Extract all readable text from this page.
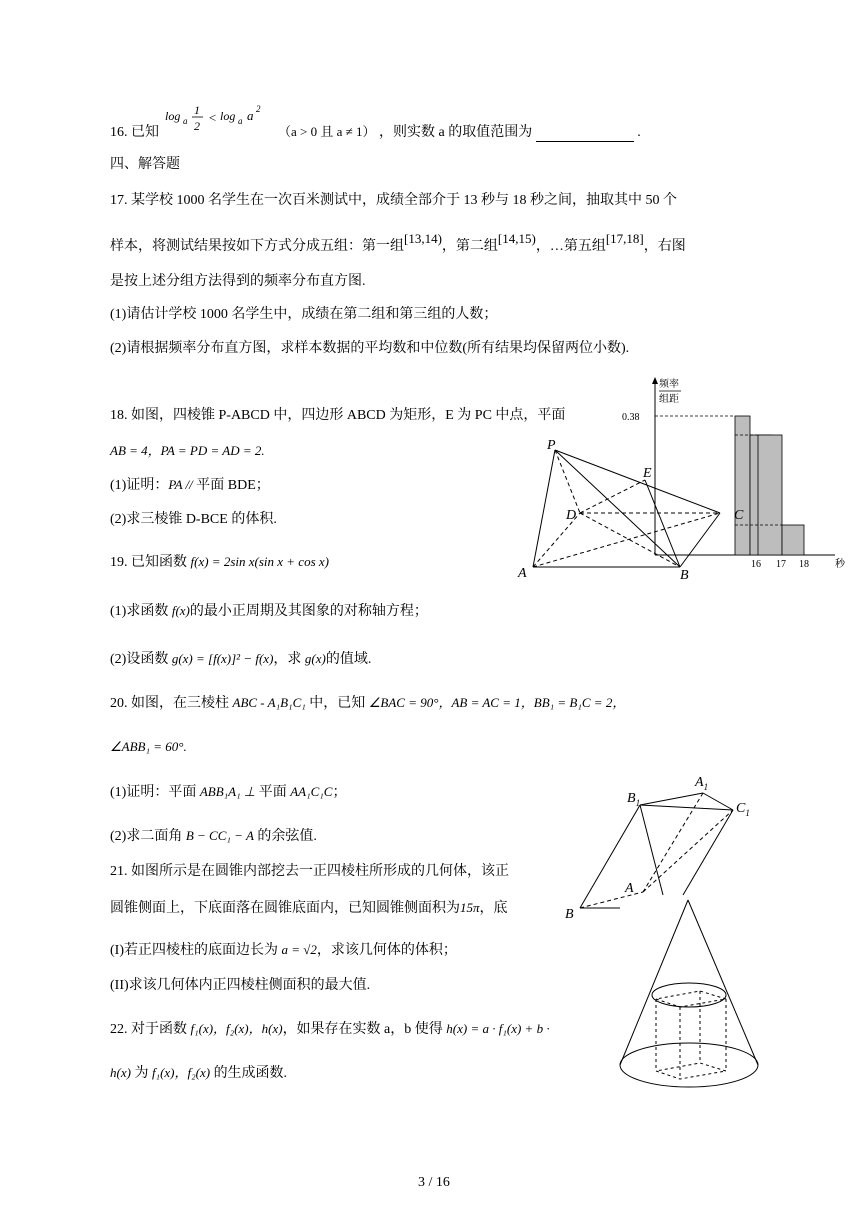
16. 已知
log a
1
2
< log a a 2
（a > 0 且 a ≠ 1） ，则实数 a 的取值范围为	.
四、解答题
17. 某学校 1000 名学生在一次百米测试中，成绩全部介于 13 秒与 18 秒之间，抽取其中 50 个
样本，将测试结果按如下方式分成五组：第一组[13,14)，第二组[14,15)，…第五组[17,18]，右图
是按上述分组方法得到的频率分布直方图.
(1)请估计学校 1000 名学生中，成绩在第二组和第三组的人数；
(2)请根据频率分布直方图，求样本数据的平均数和中位数(所有结果均保留两位小数).
18. 如图，四棱锥 P-ABCD 中，四边形 ABCD 为矩形，E 为 PC 中点，平面
AB = 4，PA = PD = AD = 2.
(1)证明：PA // 平面 BDE；
(2)求三棱锥 D-BCE 的体积.
19. 已知函数 f(x) = 2sin x(sin x + cos x)
(1)求函数 f(x)的最小正周期及其图象的对称轴方程；
(2)设函数 g(x) = [f(x)]² − f(x)，求 g(x)的值域.
20. 如图，在三棱柱 ABC - A₁B₁C₁ 中，已知 ∠BAC = 90°，AB = AC = 1，BB₁ = B₁C = 2，
∠ABB₁ = 60°.
(1)证明：平面 ABB₁A₁ ⊥ 平面 AA₁C₁C；
(2)求二面角 B − CC₁ − A 的余弦值.
21. 如图所示是在圆锥内部挖去一正四棱柱所形成的几何体，该正
圆锥侧面上，下底面落在圆锥底面内，已知圆锥侧面积为15π，底
(I)若正四棱柱的底面边长为 a = √2，求该几何体的体积；
(II)求该几何体内正四棱柱侧面积的最大值.
22. 对于函数 f₁(x)，f₂(x)，h(x)，如果存在实数 a，b 使得 h(x) = a · f₁(x) + b ·
h(x) 为 f₁(x)，f₂(x) 的生成函数.
频率
组距
0.38
16 17 18	秒
P
E
D	C
A	B
$A_1$
$B_1$	$C_1$
A
B
3 / 16
